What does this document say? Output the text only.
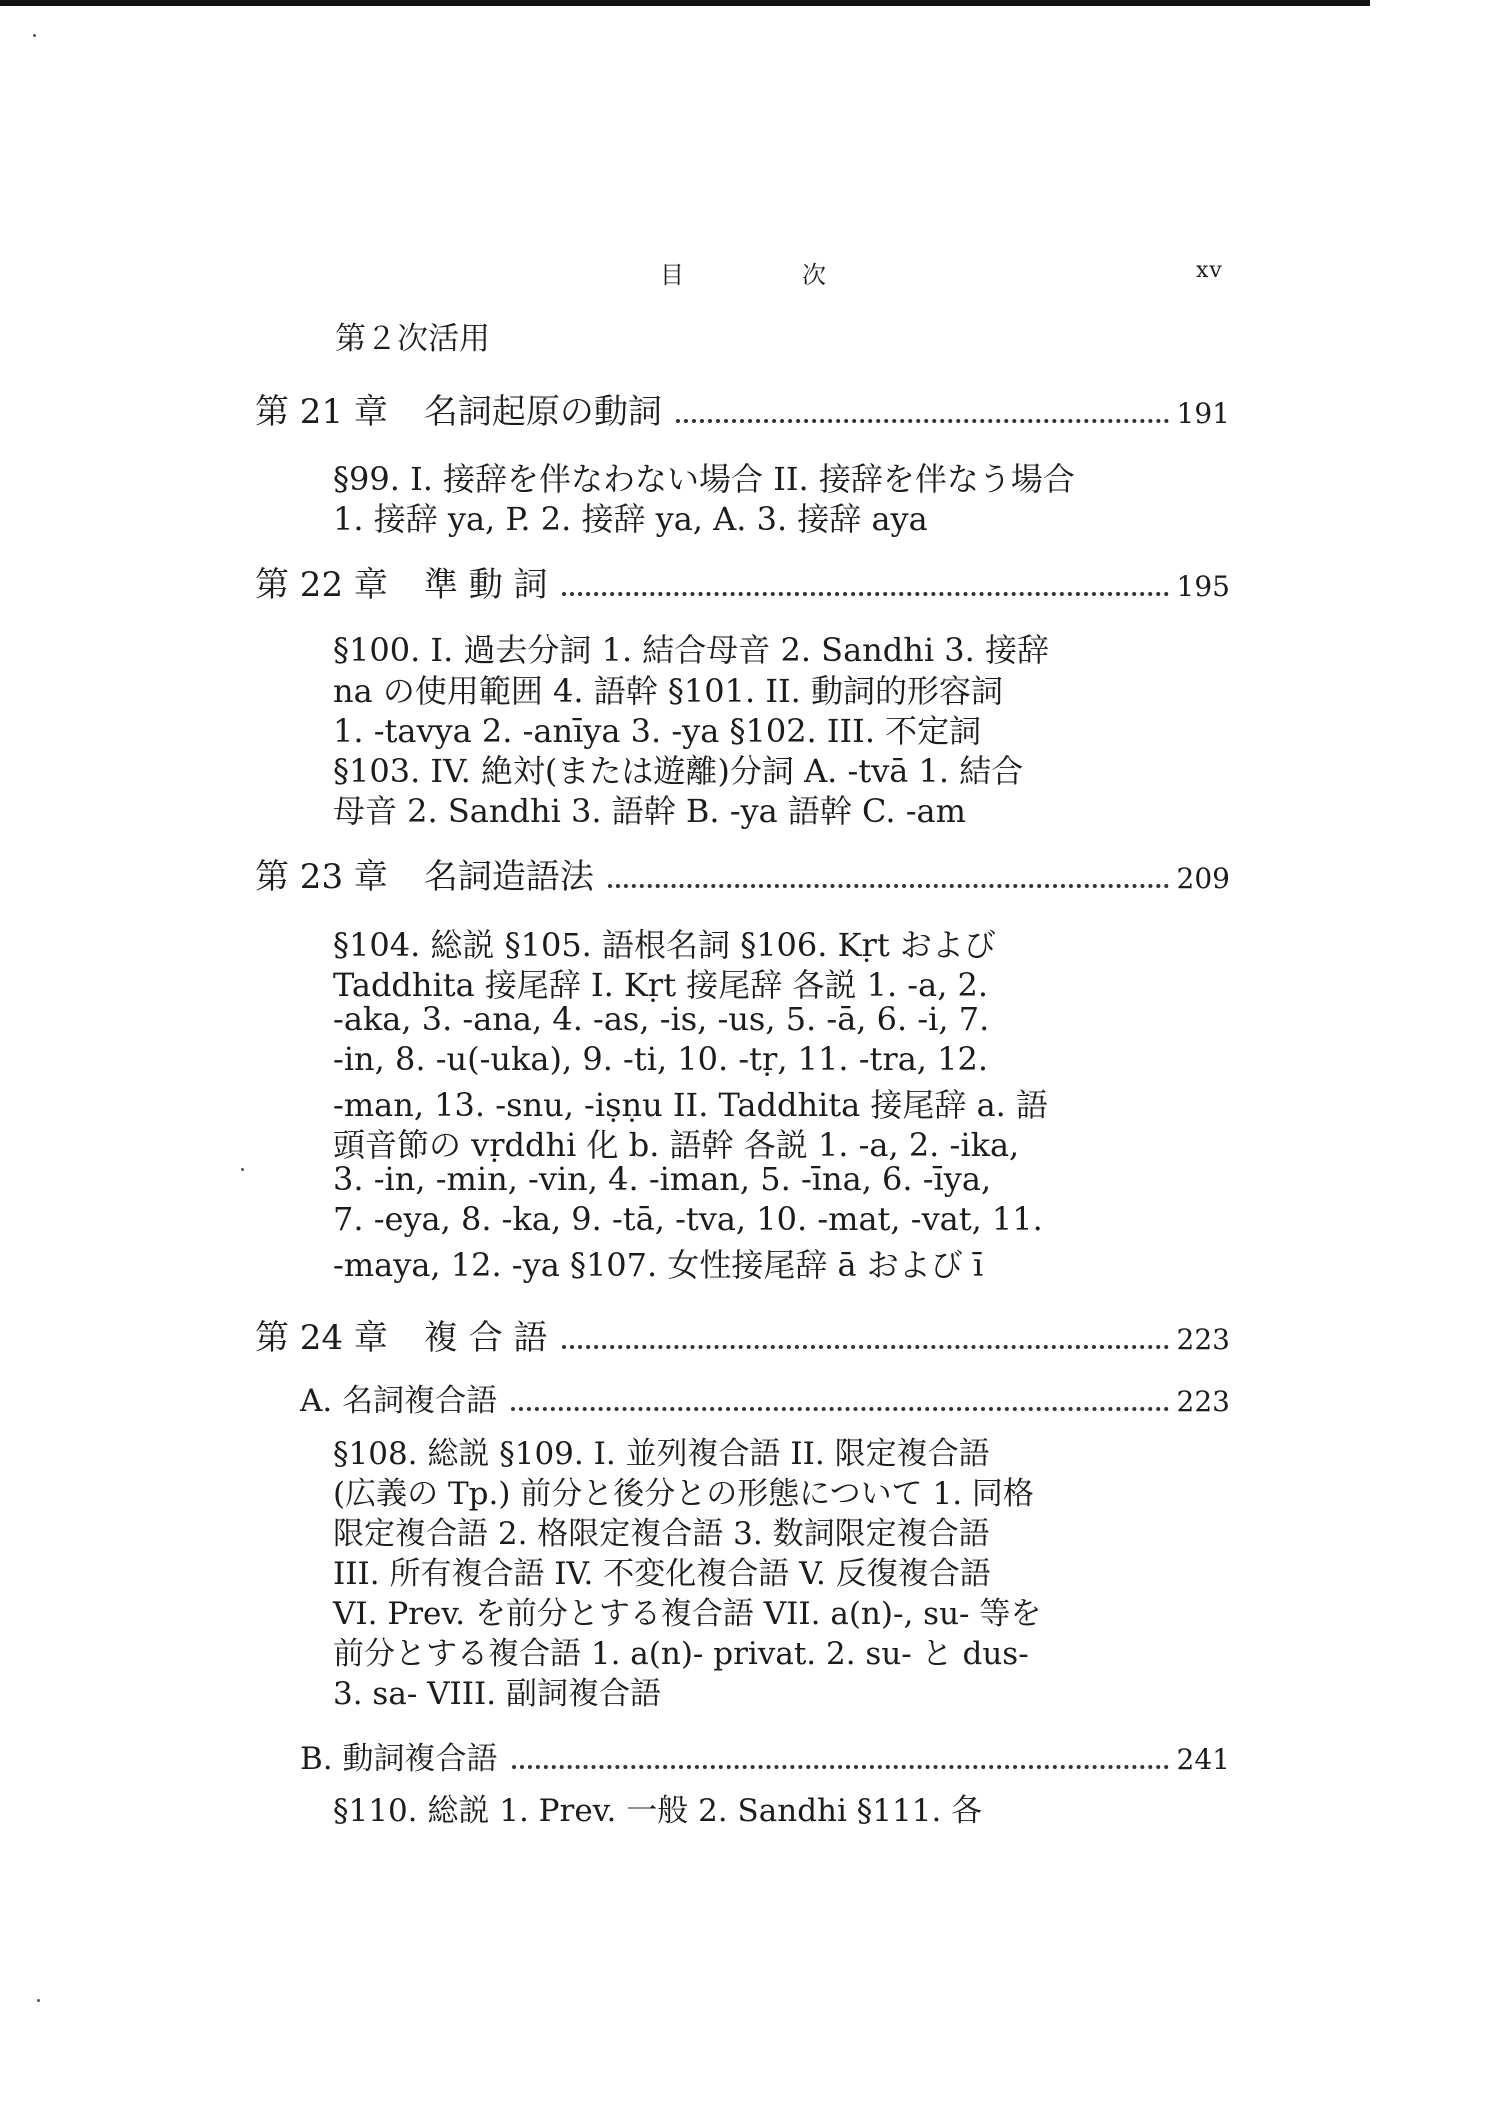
目	次	xv
第２次活用
第 21 章 名詞起原の動詞	191
§99. I. 接辞を伴なわない場合 II. 接辞を伴なう場合
1. 接辞 ya, P. 2. 接辞 ya, A. 3. 接辞 aya
第 22 章 準 動 詞	195
§100. I. 過去分詞 1. 結合母音 2. Sandhi 3. 接辞
na の使用範囲 4. 語幹 §101. II. 動詞的形容詞
1. -tavya 2. -anīya 3. -ya §102. III. 不定詞
§103. IV. 絶対(または遊離)分詞 A. -tvā 1. 結合
母音 2. Sandhi 3. 語幹 B. -ya 語幹 C. -am
第 23 章 名詞造語法	209
§104. 総説 §105. 語根名詞 §106. Kṛt および
Taddhita 接尾辞 I. Kṛt 接尾辞 各説 1. -a, 2.
-aka, 3. -ana, 4. -as, -is, -us, 5. -ā, 6. -i, 7.
-in, 8. -u(-uka), 9. -ti, 10. -tṛ, 11. -tra, 12.
-man, 13. -snu, -iṣṇu II. Taddhita 接尾辞 a. 語
頭音節の vṛddhi 化 b. 語幹 各説 1. -a, 2. -ika,
3. -in, -min, -vin, 4. -iman, 5. -īna, 6. -īya,
7. -eya, 8. -ka, 9. -tā, -tva, 10. -mat, -vat, 11.
-maya, 12. -ya §107. 女性接尾辞 ā および ī
第 24 章 複 合 語	223
A. 名詞複合語	223
§108. 総説 §109. I. 並列複合語 II. 限定複合語
(広義の Tp.) 前分と後分との形態について 1. 同格
限定複合語 2. 格限定複合語 3. 数詞限定複合語
III. 所有複合語 IV. 不変化複合語 V. 反復複合語
VI. Prev. を前分とする複合語 VII. a(n)-, su- 等を
前分とする複合語 1. a(n)- privat. 2. su- と dus-
3. sa- VIII. 副詞複合語
B. 動詞複合語	241
§110. 総説 1. Prev. 一般 2. Sandhi §111. 各
